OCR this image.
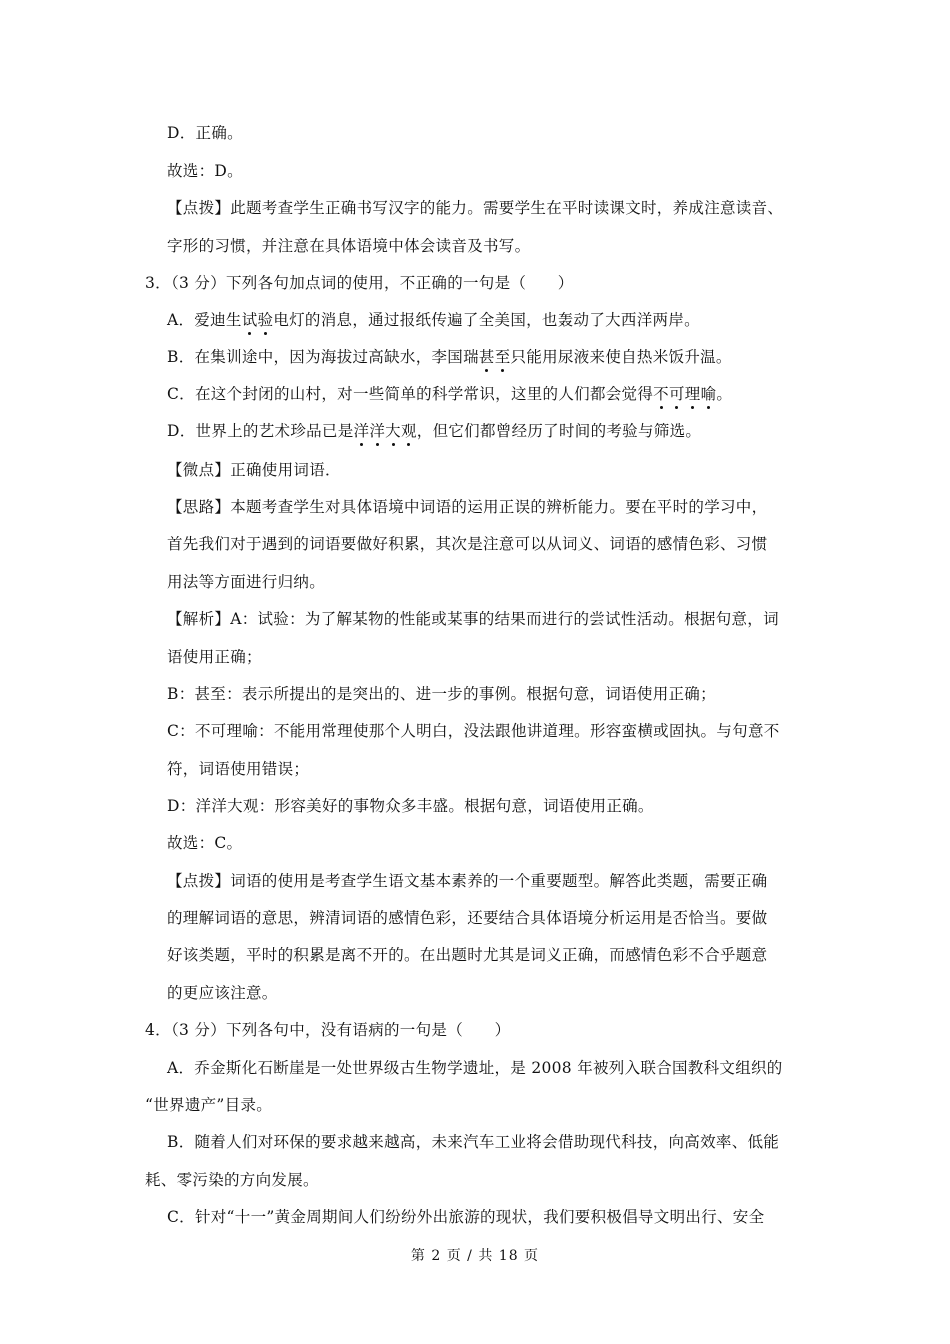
D．正确。
故选：D。
【点拨】此题考查学生正确书写汉字的能力。需要学生在平时读课文时，养成注意读音、
字形的习惯，并注意在具体语境中体会读音及书写。
3．（3 分）下列各句加点词的使用，不正确的一句是（　　）
A．爱迪生试验电灯的消息，通过报纸传遍了全美国，也轰动了大西洋两岸。
B．在集训途中，因为海拔过高缺水，李国瑞甚至只能用尿液来使自热米饭升温。
C．在这个封闭的山村，对一些简单的科学常识，这里的人们都会觉得不可理喻。
D．世界上的艺术珍品已是洋洋大观，但它们都曾经历了时间的考验与筛选。
【微点】正确使用词语．
【思路】本题考查学生对具体语境中词语的运用正误的辨析能力。要在平时的学习中，
首先我们对于遇到的词语要做好积累，其次是注意可以从词义、词语的感情色彩、习惯
用法等方面进行归纳。
【解析】A：试验：为了解某物的性能或某事的结果而进行的尝试性活动。根据句意，词
语使用正确；
B：甚至：表示所提出的是突出的、进一步的事例。根据句意，词语使用正确；
C：不可理喻：不能用常理使那个人明白，没法跟他讲道理。形容蛮横或固执。与句意不
符，词语使用错误；
D：洋洋大观：形容美好的事物众多丰盛。根据句意，词语使用正确。
故选：C。
【点拨】词语的使用是考查学生语文基本素养的一个重要题型。解答此类题，需要正确
的理解词语的意思，辨清词语的感情色彩，还要结合具体语境分析运用是否恰当。要做
好该类题，平时的积累是离不开的。在出题时尤其是词义正确，而感情色彩不合乎题意
的更应该注意。
4．（3 分）下列各句中，没有语病的一句是（　　）
A．乔金斯化石断崖是一处世界级古生物学遗址，是 2008 年被列入联合国教科文组织的
“世界遗产”目录。
B．随着人们对环保的要求越来越高，未来汽车工业将会借助现代科技，向高效率、低能
耗、零污染的方向发展。
C．针对“十一”黄金周期间人们纷纷外出旅游的现状，我们要积极倡导文明出行、安全
第 2 页 / 共 18 页
